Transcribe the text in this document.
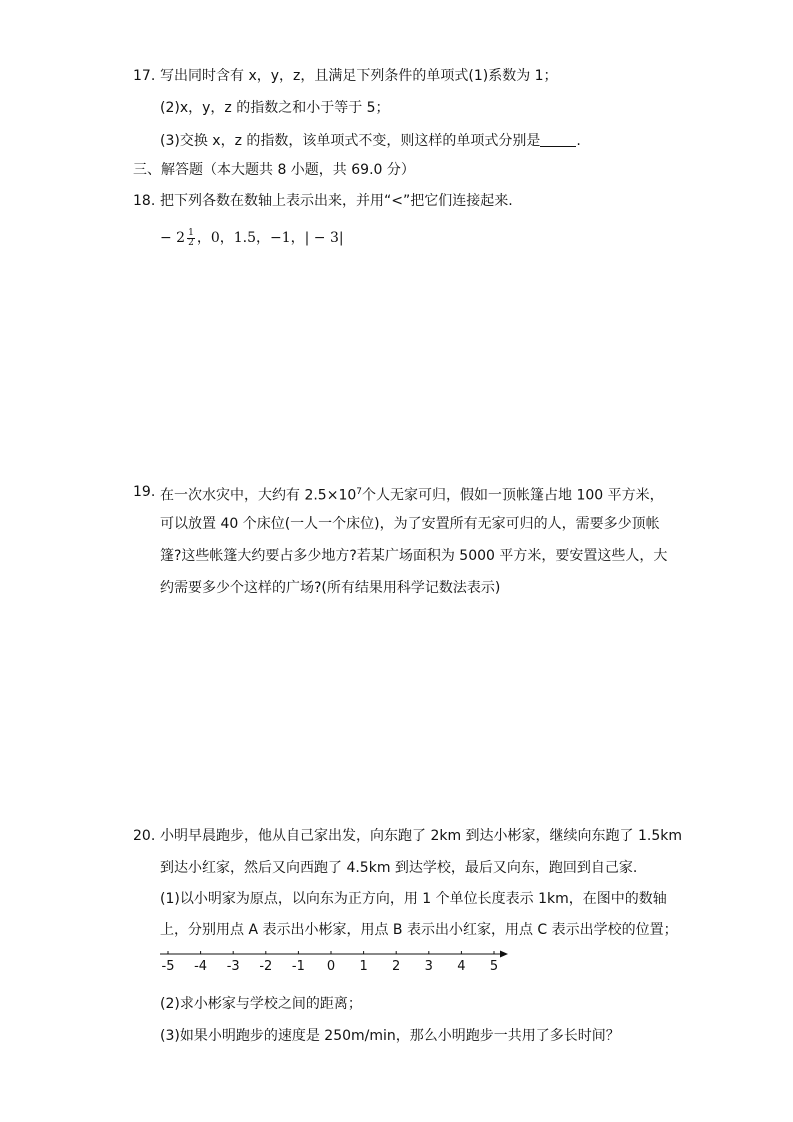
17. 写出同时含有 x，y，z，且满足下列条件的单项式(1)系数为 1；
(2)x，y，z 的指数之和小于等于 5；
(3)交换 x，z 的指数，该单项式不变，则这样的单项式分别是	.
三、解答题（本大题共 8 小题，共 69.0 分）
18. 把下列各数在数轴上表示出来，并用“<”把它们连接起来.
− $2 \frac{1}{2}$ ，0，1.5，−1，| − 3|
19. 在一次水灾中，大约有 $2.5\times 10^7$个人无家可归，假如一顶帐篷占地 100 平方米，
可以放置 40 个床位(一人一个床位)，为了安置所有无家可归的人，需要多少顶帐
篷?这些帐篷大约要占多少地方?若某广场面积为 5000 平方米，要安置这些人，大
约需要多少个这样的广场?(所有结果用科学记数法表示)
20. 小明早晨跑步，他从自己家出发，向东跑了 2km 到达小彬家，继续向东跑了 1.5km
到达小红家，然后又向西跑了 4.5km 到达学校，最后又向东，跑回到自己家.
(1)以小明家为原点，以向东为正方向，用 1 个单位长度表示 1km，在图中的数轴
上，分别用点 A 表示出小彬家，用点 B 表示出小红家，用点 C 表示出学校的位置；
-5 -4 -3 -2 -1 0 1 2 3 4 5
(2)求小彬家与学校之间的距离；
(3)如果小明跑步的速度是 250m/min，那么小明跑步一共用了多长时间？
